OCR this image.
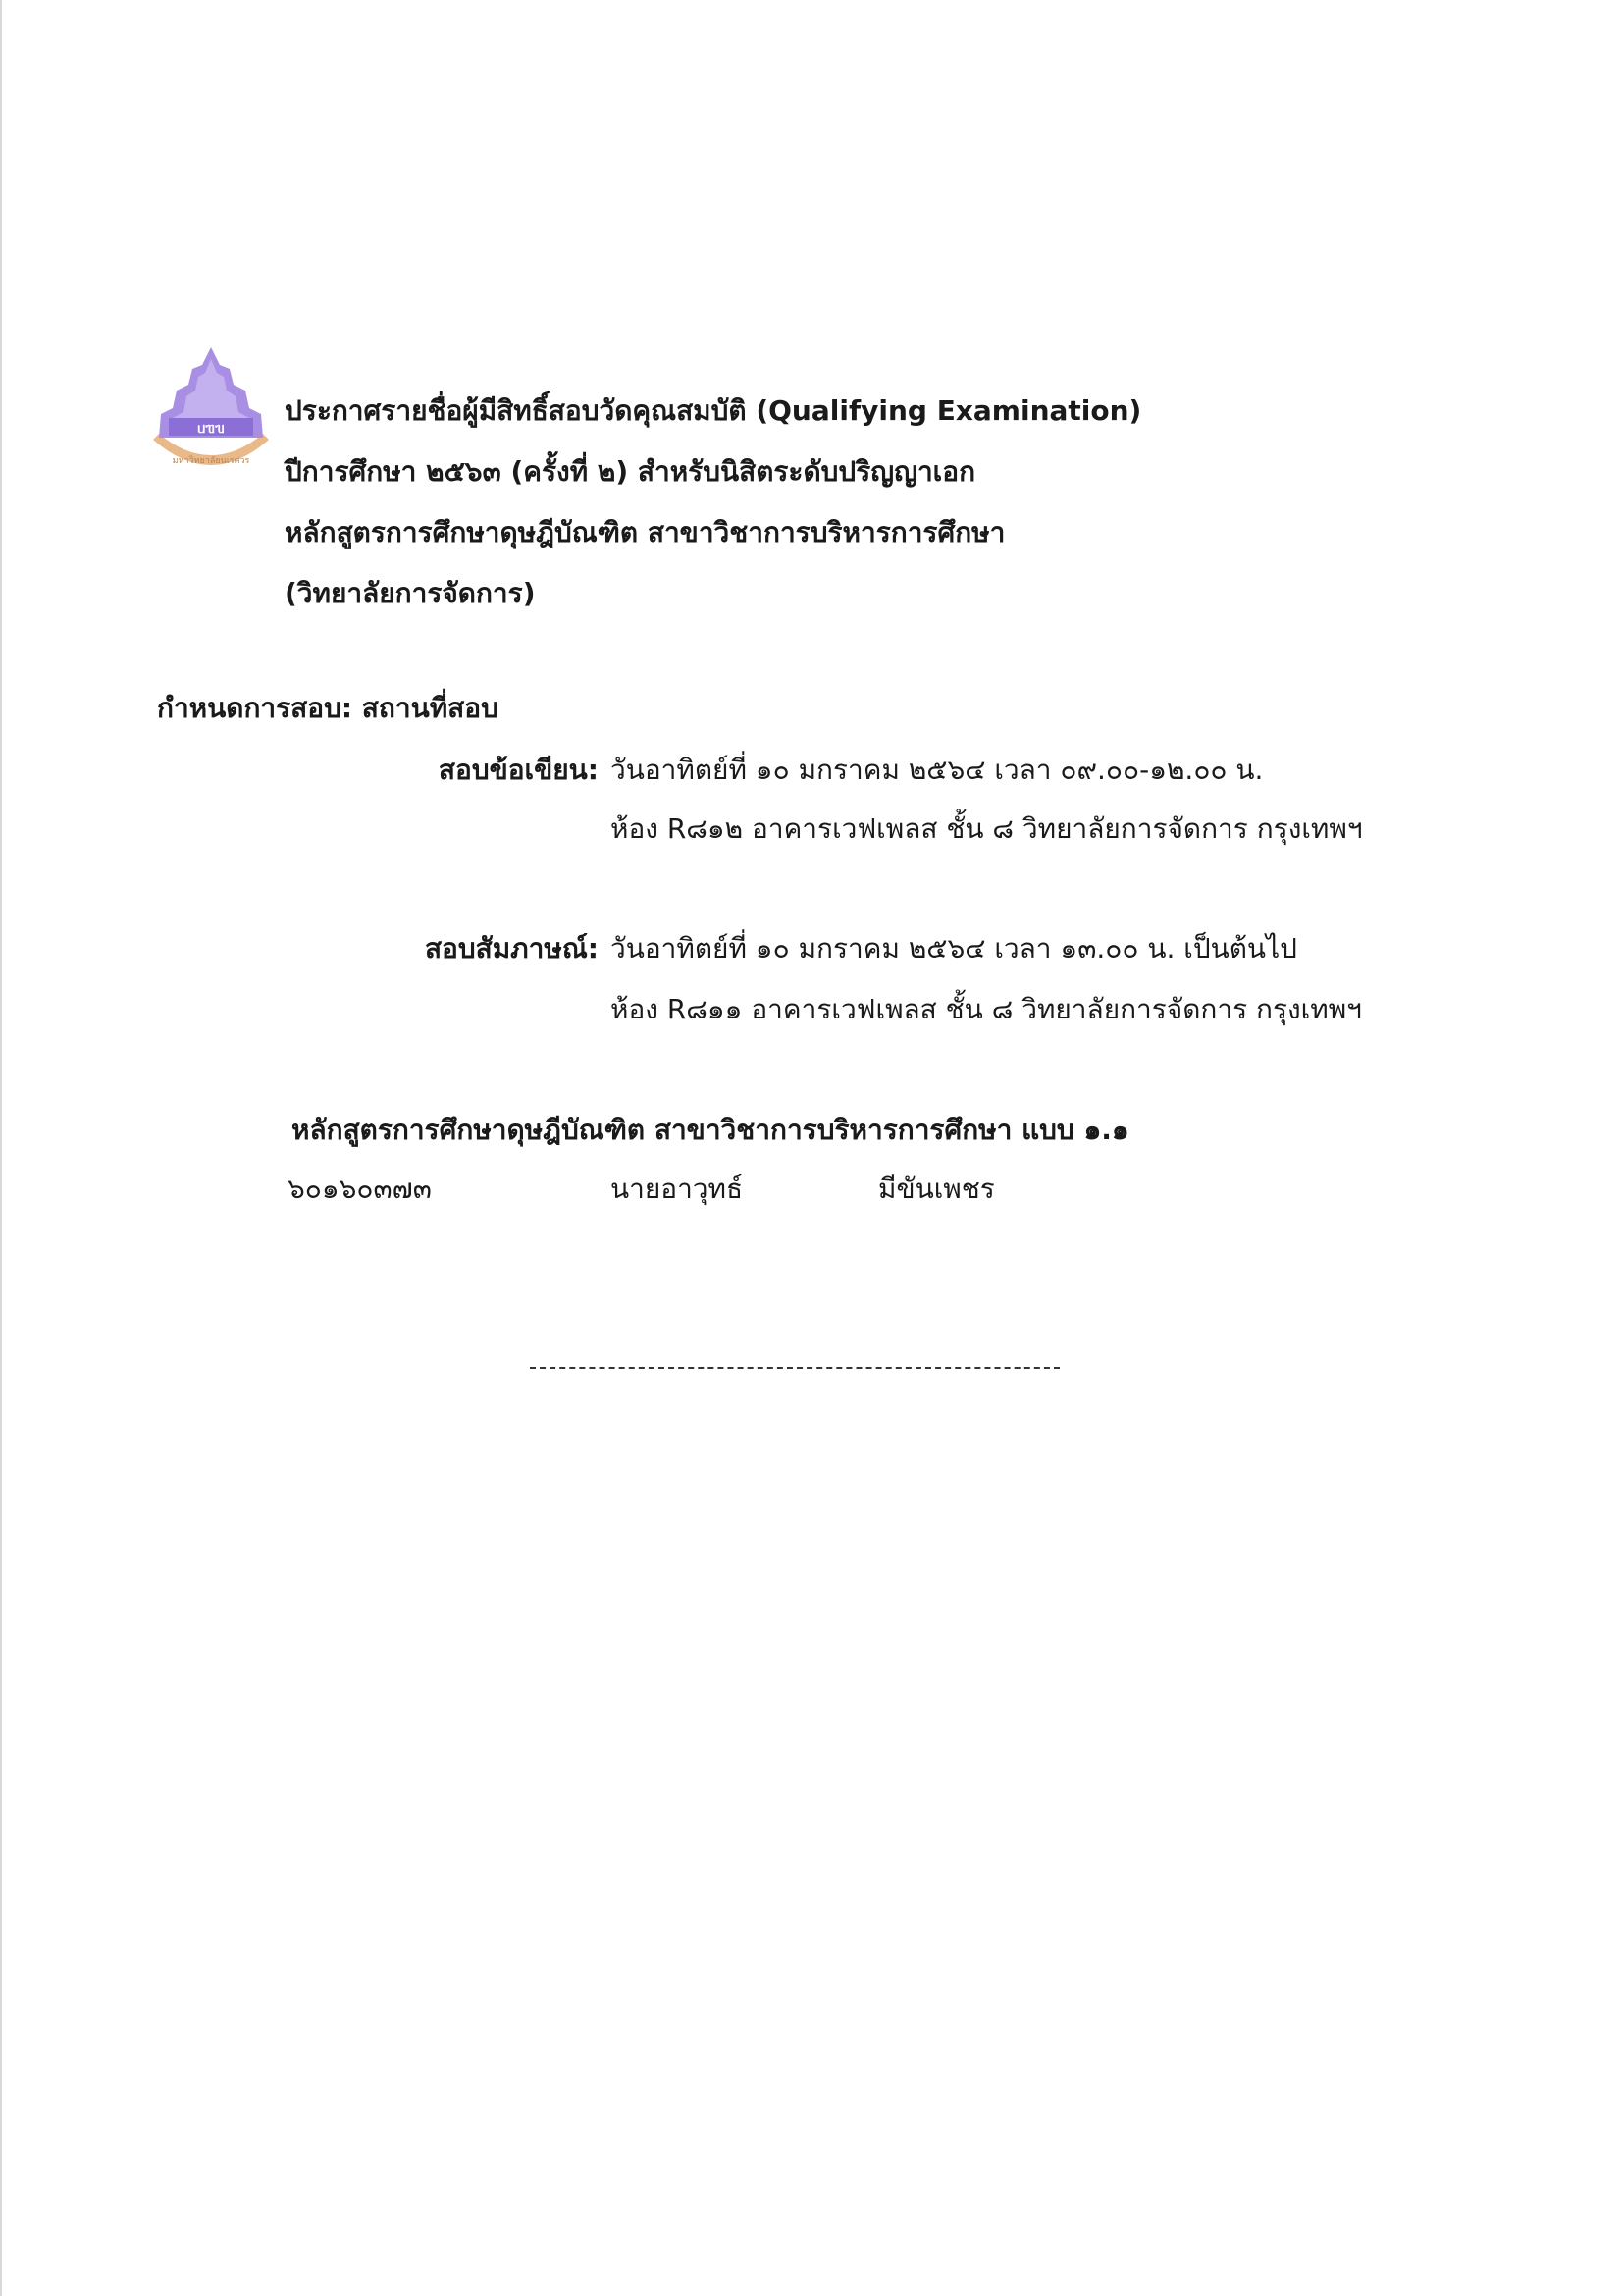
ᥙᥓᥔ
มหาวิทยาลัยนเรศวร
ประกาศรายชื่อผู้มีสิทธิ์สอบวัดคุณสมบัติ (Qualifying Examination)
ปีการศึกษา ๒๕๖๓ (ครั้งที่ ๒) สำหรับนิสิตระดับปริญญาเอก
หลักสูตรการศึกษาดุษฎีบัณฑิต สาขาวิชาการบริหารการศึกษา
(วิทยาลัยการจัดการ)
กำหนดการสอบ: สถานที่สอบ
สอบข้อเขียน: วันอาทิตย์ที่ ๑๐ มกราคม ๒๕๖๔ เวลา ๐๙.๐๐-๑๒.๐๐ น.
ห้อง R๘๑๒ อาคารเวฟเพลส ชั้น ๘ วิทยาลัยการจัดการ กรุงเทพฯ
สอบสัมภาษณ์: วันอาทิตย์ที่ ๑๐ มกราคม ๒๕๖๔ เวลา ๑๓.๐๐ น. เป็นต้นไป
ห้อง R๘๑๑ อาคารเวฟเพลส ชั้น ๘ วิทยาลัยการจัดการ กรุงเทพฯ
หลักสูตรการศึกษาดุษฎีบัณฑิต สาขาวิชาการบริหารการศึกษา แบบ ๑.๑
๖๐๑๖๐๓๗๓	นายอาวุทธ์	มีขันเพชร
